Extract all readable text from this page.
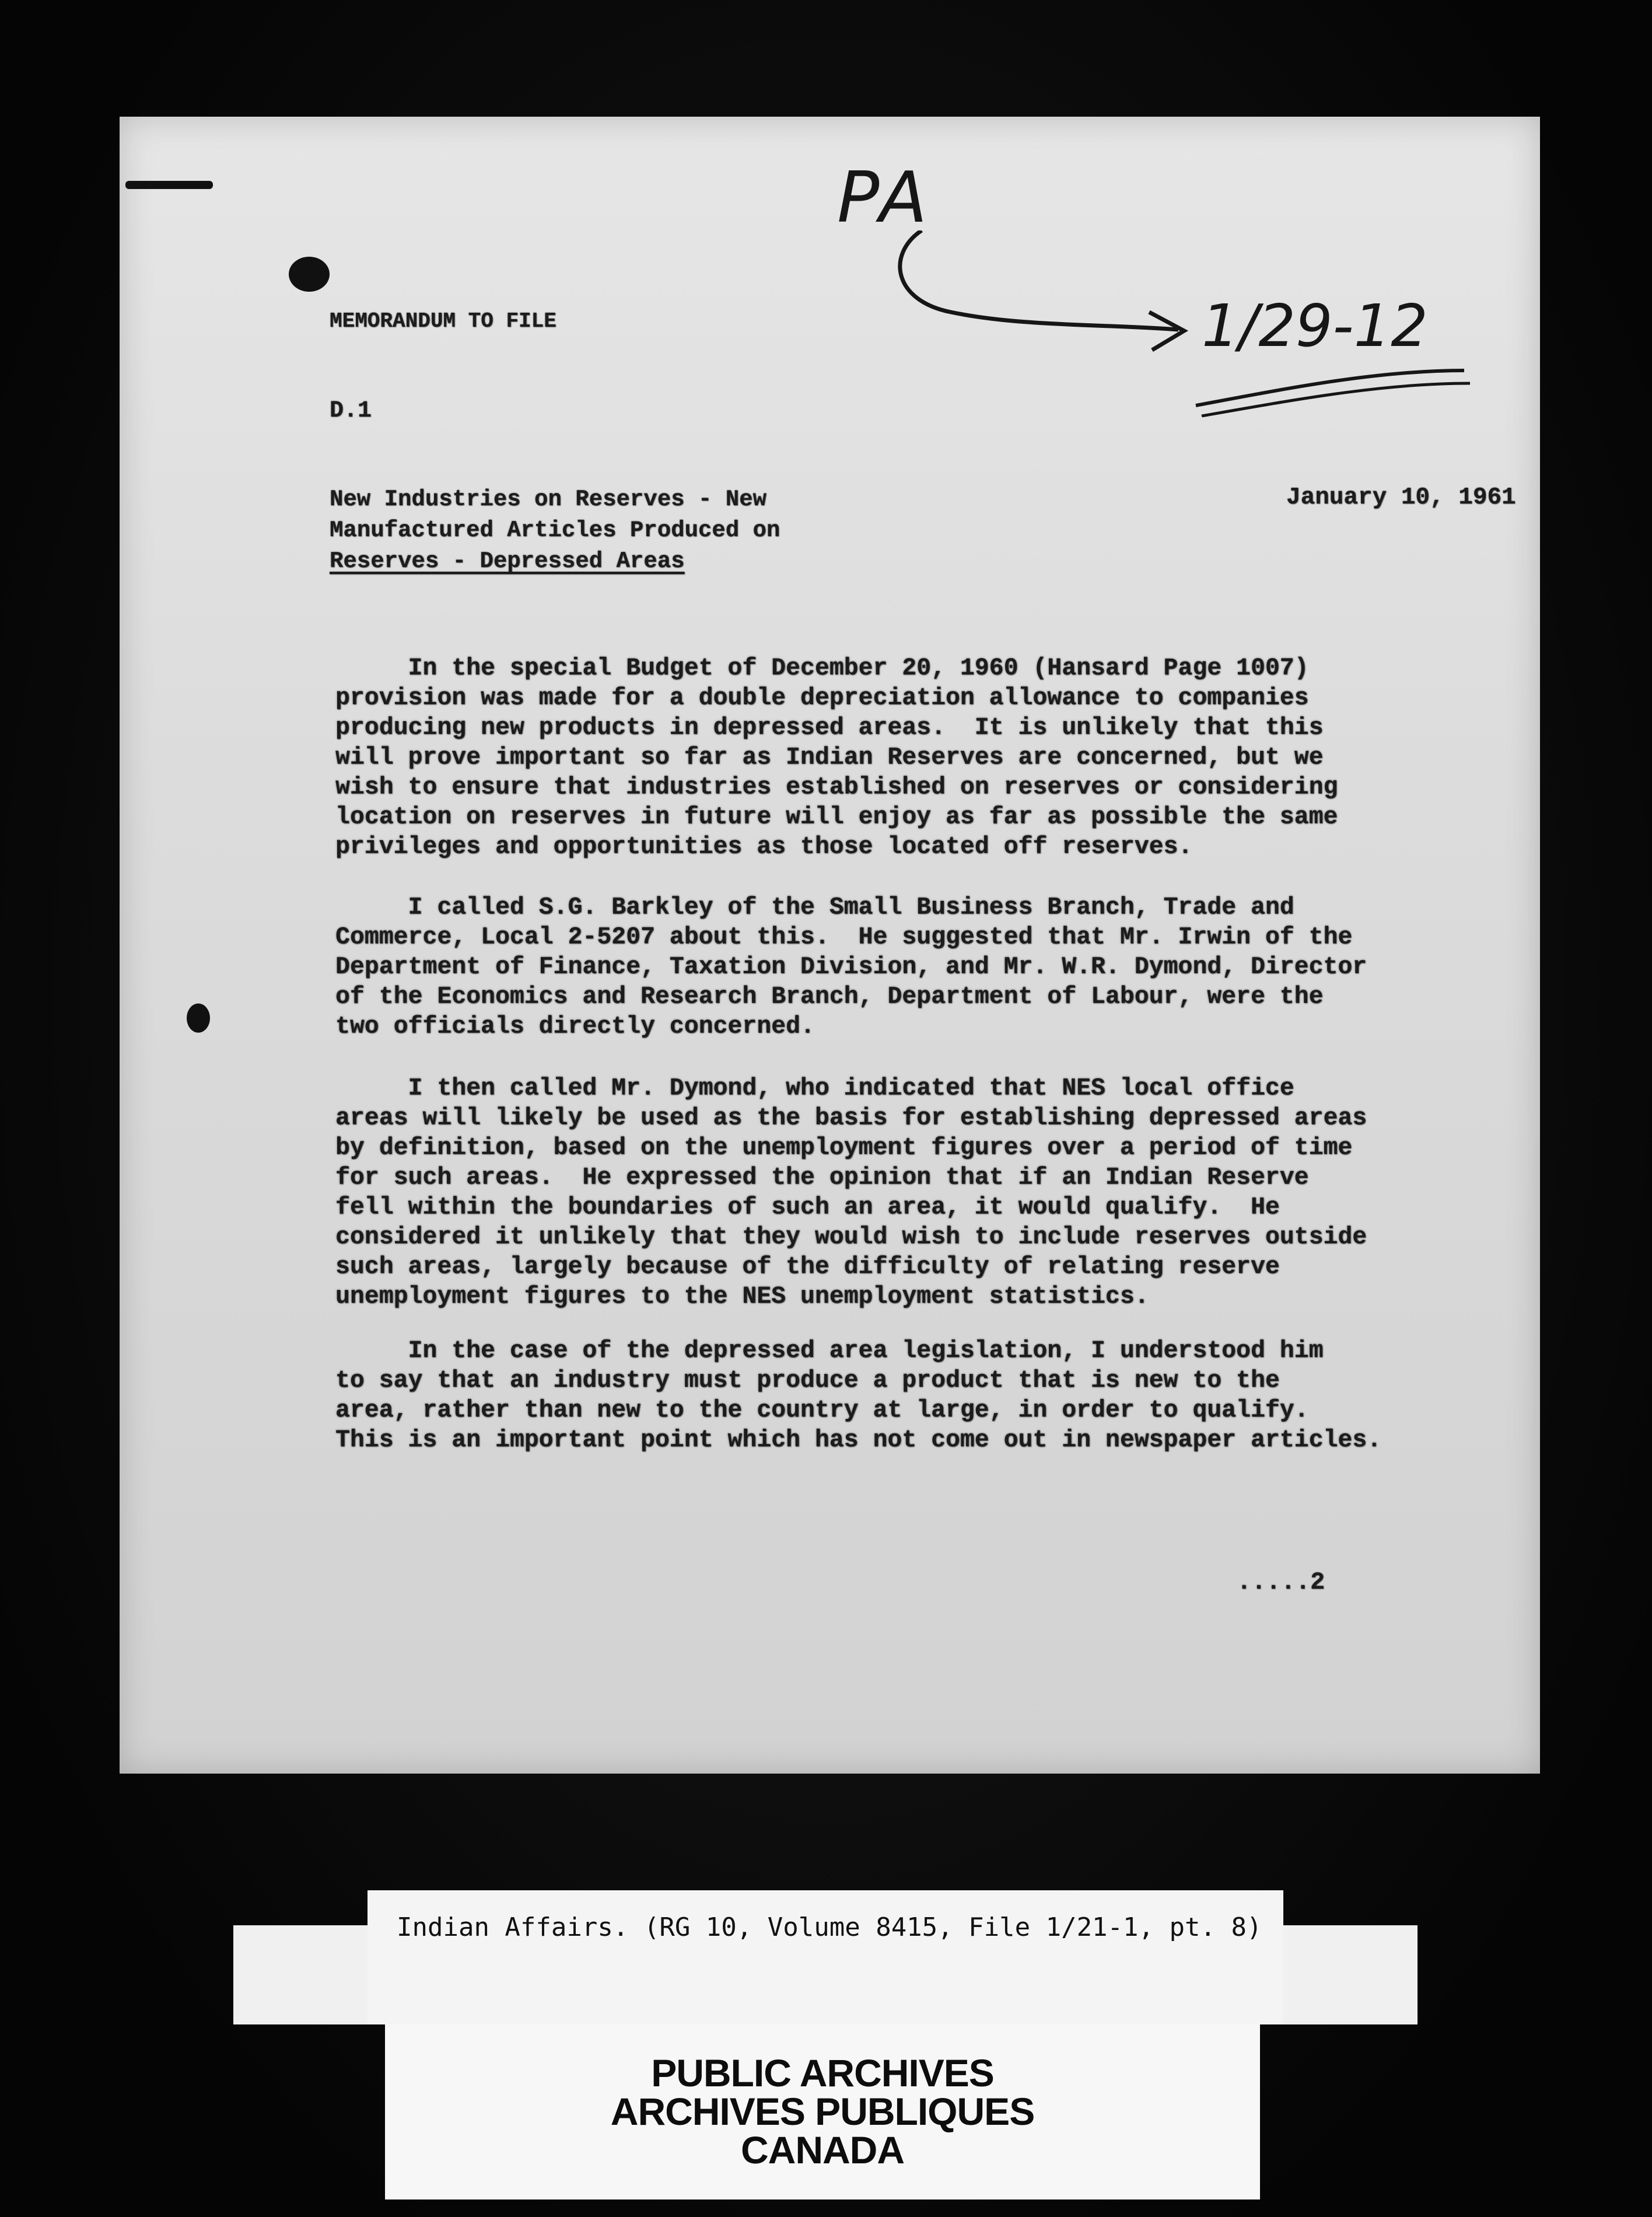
PA
1/29-12
MEMORANDUM TO FILE
D.1
New Industries on Reserves - New
Manufactured Articles Produced on
Reserves - Depressed Areas
January 10, 1961
In the special Budget of December 20, 1960 (Hansard Page 1007)
provision was made for a double depreciation allowance to companies
producing new products in depressed areas.  It is unlikely that this
will prove important so far as Indian Reserves are concerned, but we
wish to ensure that industries established on reserves or considering
location on reserves in future will enjoy as far as possible the same
privileges and opportunities as those located off reserves.
I called S.G. Barkley of the Small Business Branch, Trade and
Commerce, Local 2-5207 about this.  He suggested that Mr. Irwin of the
Department of Finance, Taxation Division, and Mr. W.R. Dymond, Director
of the Economics and Research Branch, Department of Labour, were the
two officials directly concerned.
I then called Mr. Dymond, who indicated that NES local office
areas will likely be used as the basis for establishing depressed areas
by definition, based on the unemployment figures over a period of time
for such areas.  He expressed the opinion that if an Indian Reserve
fell within the boundaries of such an area, it would qualify.  He
considered it unlikely that they would wish to include reserves outside
such areas, largely because of the difficulty of relating reserve
unemployment figures to the NES unemployment statistics.
In the case of the depressed area legislation, I understood him
to say that an industry must produce a product that is new to the
area, rather than new to the country at large, in order to qualify.
This is an important point which has not come out in newspaper articles.
.....2
Indian Affairs. (RG 10, Volume 8415, File 1/21-1, pt. 8)
PUBLIC ARCHIVES
ARCHIVES PUBLIQUES
CANADA
